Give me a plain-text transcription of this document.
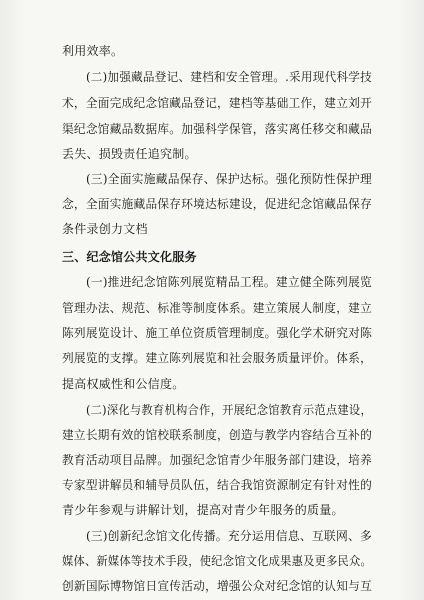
利用效率。
(二)加强藏品登记、建档和安全管理。.采用现代科学技
术，全面完成纪念馆藏品登记，建档等基础工作，建立刘开
渠纪念馆藏品数据库。加强科学保管，落实离任移交和藏品
丢失、损毁责任追究制。
(三)全面实施藏品保存、保护达标。强化预防性保护理
念，全面实施藏品保存环境达标建设，促进纪念馆藏品保存
条件录创力文档
三、纪念馆公共文化服务
(一)推进纪念馆陈列展览精品工程。建立健全陈列展览
管理办法、规范、标准等制度体系。建立策展人制度，建立
陈列展览设计、施工单位资质管理制度。强化学术研究对陈
列展览的支撑。建立陈列展览和社会服务质量评价。体系，
提高权威性和公信度。
(二)深化与教育机构合作，开展纪念馆教育示范点建设，
建立长期有效的馆校联系制度，创造与教学内容结合互补的
教育活动项目品牌。加强纪念馆青少年服务部门建设，培养
专家型讲解员和辅导员队伍，结合我馆资源制定有针对性的
青少年参观与讲解计划，提高对青少年服务的质量。
(三)创新纪念馆文化传播。充分运用信息、互联网、多
媒体、新媒体等技术手段，使纪念馆文化成果惠及更多民众。
创新国际博物馆日宣传活动，增强公众对纪念馆的认知与互
